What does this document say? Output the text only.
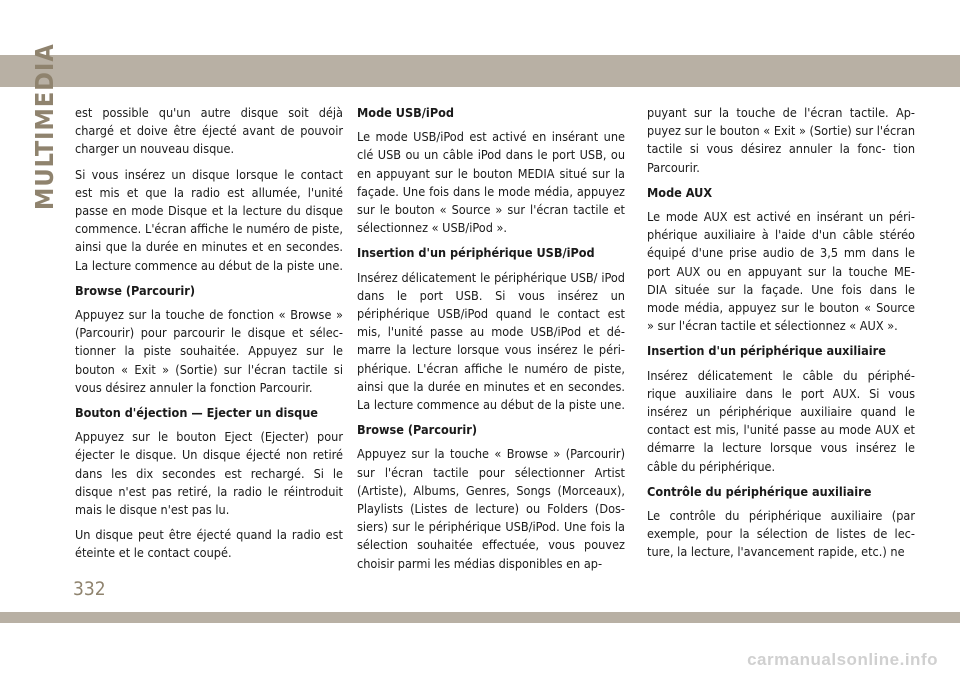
MULTIMEDIA est possible qu'un autre disque soit déjà chargé et doive être éjecté avant de pouvoir charger un nouveau disque.

Si vous insérez un disque lorsque le contact est mis et que la radio est allumée, l'unité passe en mode Disque et la lecture du disque commence. L'écran affiche le numéro de piste, ainsi que la durée en minutes et en secondes. La lecture commence au début de la piste une.

Browse (Parcourir)

Appuyez sur la touche de fonction « Browse » (Parcourir) pour parcourir le disque et sélec- tionner la piste souhaitée. Appuyez sur le bouton « Exit » (Sortie) sur l'écran tactile si vous désirez annuler la fonction Parcourir.

Bouton d'éjection — Ejecter un disque

Appuyez sur le bouton Eject (Ejecter) pour éjecter le disque. Un disque éjecté non retiré dans les dix secondes est rechargé. Si le disque n'est pas retiré, la radio le réintroduit mais le disque n'est pas lu.

Un disque peut être éjecté quand la radio est éteinte et le contact coupé.

Mode USB/iPod

Le mode USB/iPod est activé en insérant une clé USB ou un câble iPod dans le port USB, ou en appuyant sur le bouton MEDIA situé sur la façade. Une fois dans le mode média, appuyez sur le bouton « Source » sur l'écran tactile et sélectionnez « USB/iPod ».

Insertion d'un périphérique USB/iPod

Insérez délicatement le périphérique USB/ iPod dans le port USB. Si vous insérez un périphérique USB/iPod quand le contact est mis, l'unité passe au mode USB/iPod et dé- marre la lecture lorsque vous insérez le péri- phérique. L'écran affiche le numéro de piste, ainsi que la durée en minutes et en secondes. La lecture commence au début de la piste une.

Browse (Parcourir)

Appuyez sur la touche « Browse » (Parcourir) sur l'écran tactile pour sélectionner Artist (Artiste), Albums, Genres, Songs (Morceaux), Playlists (Listes de lecture) ou Folders (Dos- siers) sur le périphérique USB/iPod. Une fois la sélection souhaitée effectuée, vous pouvez choisir parmi les médias disponibles en ap-

puyant sur la touche de l'écran tactile. Ap- puyez sur le bouton « Exit » (Sortie) sur l'écran tactile si vous désirez annuler la fonc- tion Parcourir.

Mode AUX

Le mode AUX est activé en insérant un péri- phérique auxiliaire à l'aide d'un câble stéréo équipé d'une prise audio de 3,5 mm dans le port AUX ou en appuyant sur la touche ME- DIA située sur la façade. Une fois dans le mode média, appuyez sur le bouton « Source » sur l'écran tactile et sélectionnez « AUX ».

Insertion d'un périphérique auxiliaire

Insérez délicatement le câble du périphé- rique auxiliaire dans le port AUX. Si vous insérez un périphérique auxiliaire quand le contact est mis, l'unité passe au mode AUX et démarre la lecture lorsque vous insérez le câble du périphérique.

Contrôle du périphérique auxiliaire

Le contrôle du périphérique auxiliaire (par exemple, pour la sélection de listes de lec- ture, la lecture, l'avancement rapide, etc.) ne

332
carmanualsonline.info
